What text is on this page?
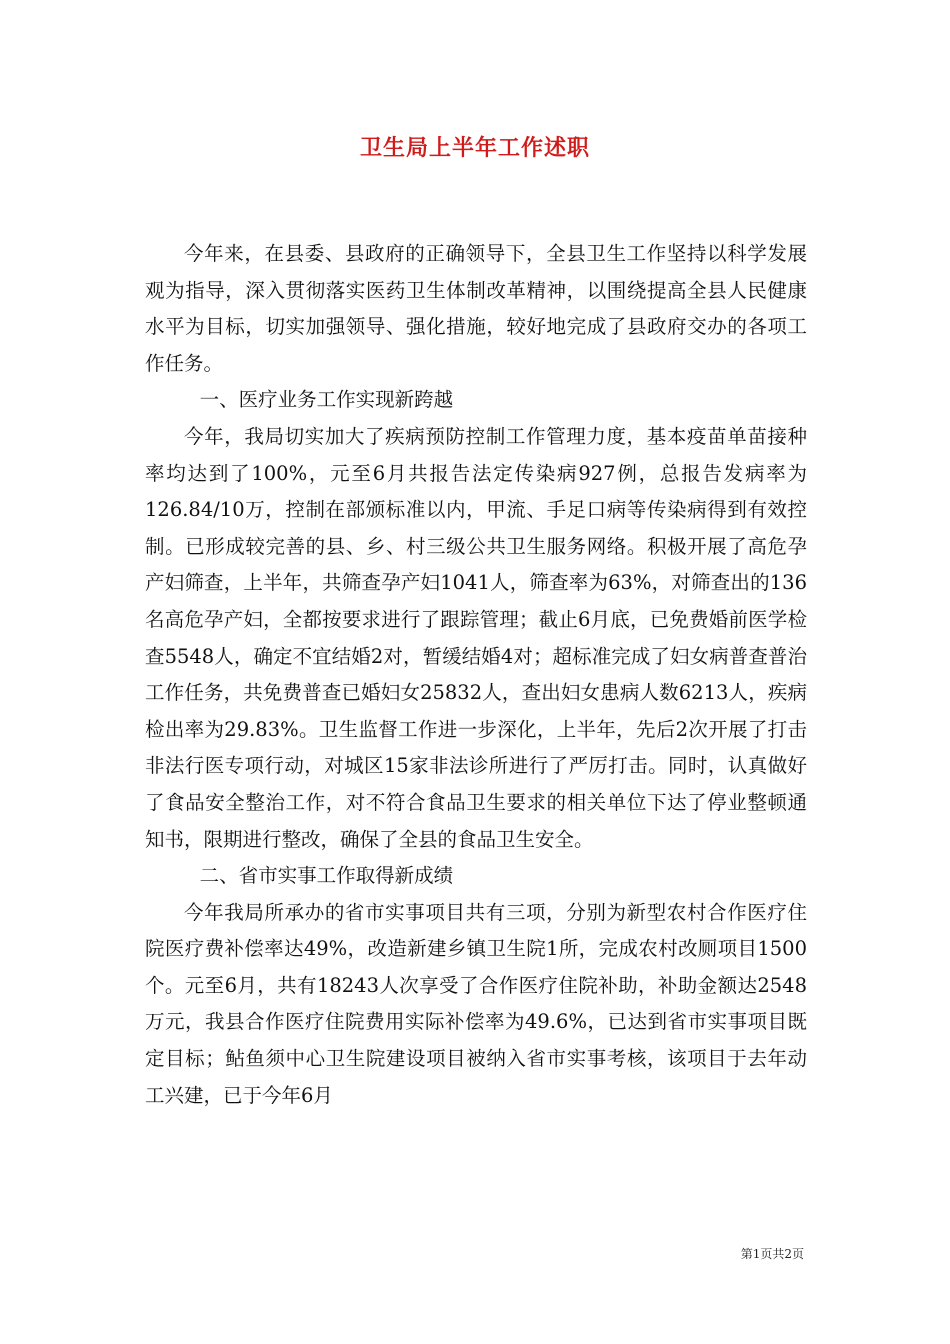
卫生局上半年工作述职

今年来，在县委、县政府的正确领导下，全县卫生工作坚持以科学发展观为指导，深入贯彻落实医药卫生体制改革精神，以围绕提高全县人民健康水平为目标，切实加强领导、强化措施，较好地完成了县政府交办的各项工作任务。

一、医疗业务工作实现新跨越

今年，我局切实加大了疾病预防控制工作管理力度，基本疫苗单苗接种率均达到了100%，元至6月共报告法定传染病927例，总报告发病率为126.84/10万，控制在部颁标准以内，甲流、手足口病等传染病得到有效控制。已形成较完善的县、乡、村三级公共卫生服务网络。积极开展了高危孕产妇筛查，上半年，共筛查孕产妇1041人，筛查率为63%，对筛查出的136名高危孕产妇，全都按要求进行了跟踪管理；截止6月底，已免费婚前医学检查5548人，确定不宜结婚2对，暂缓结婚4对；超标准完成了妇女病普查普治工作任务，共免费普查已婚妇女25832人，查出妇女患病人数6213人，疾病检出率为29.83%。卫生监督工作进一步深化，上半年，先后2次开展了打击非法行医专项行动，对城区15家非法诊所进行了严厉打击。同时，认真做好了食品安全整治工作，对不符合食品卫生要求的相关单位下达了停业整顿通知书，限期进行整改，确保了全县的食品卫生安全。

二、省市实事工作取得新成绩

今年我局所承办的省市实事项目共有三项，分别为新型农村合作医疗住院医疗费补偿率达49%，改造新建乡镇卫生院1所，完成农村改厕项目1500个。元至6月，共有18243人次享受了合作医疗住院补助，补助金额达2548万元，我县合作医疗住院费用实际补偿率为49.6%，已达到省市实事项目既定目标；鲇鱼须中心卫生院建设项目被纳入省市实事考核，该项目于去年动工兴建，已于今年6月

第1页共2页
